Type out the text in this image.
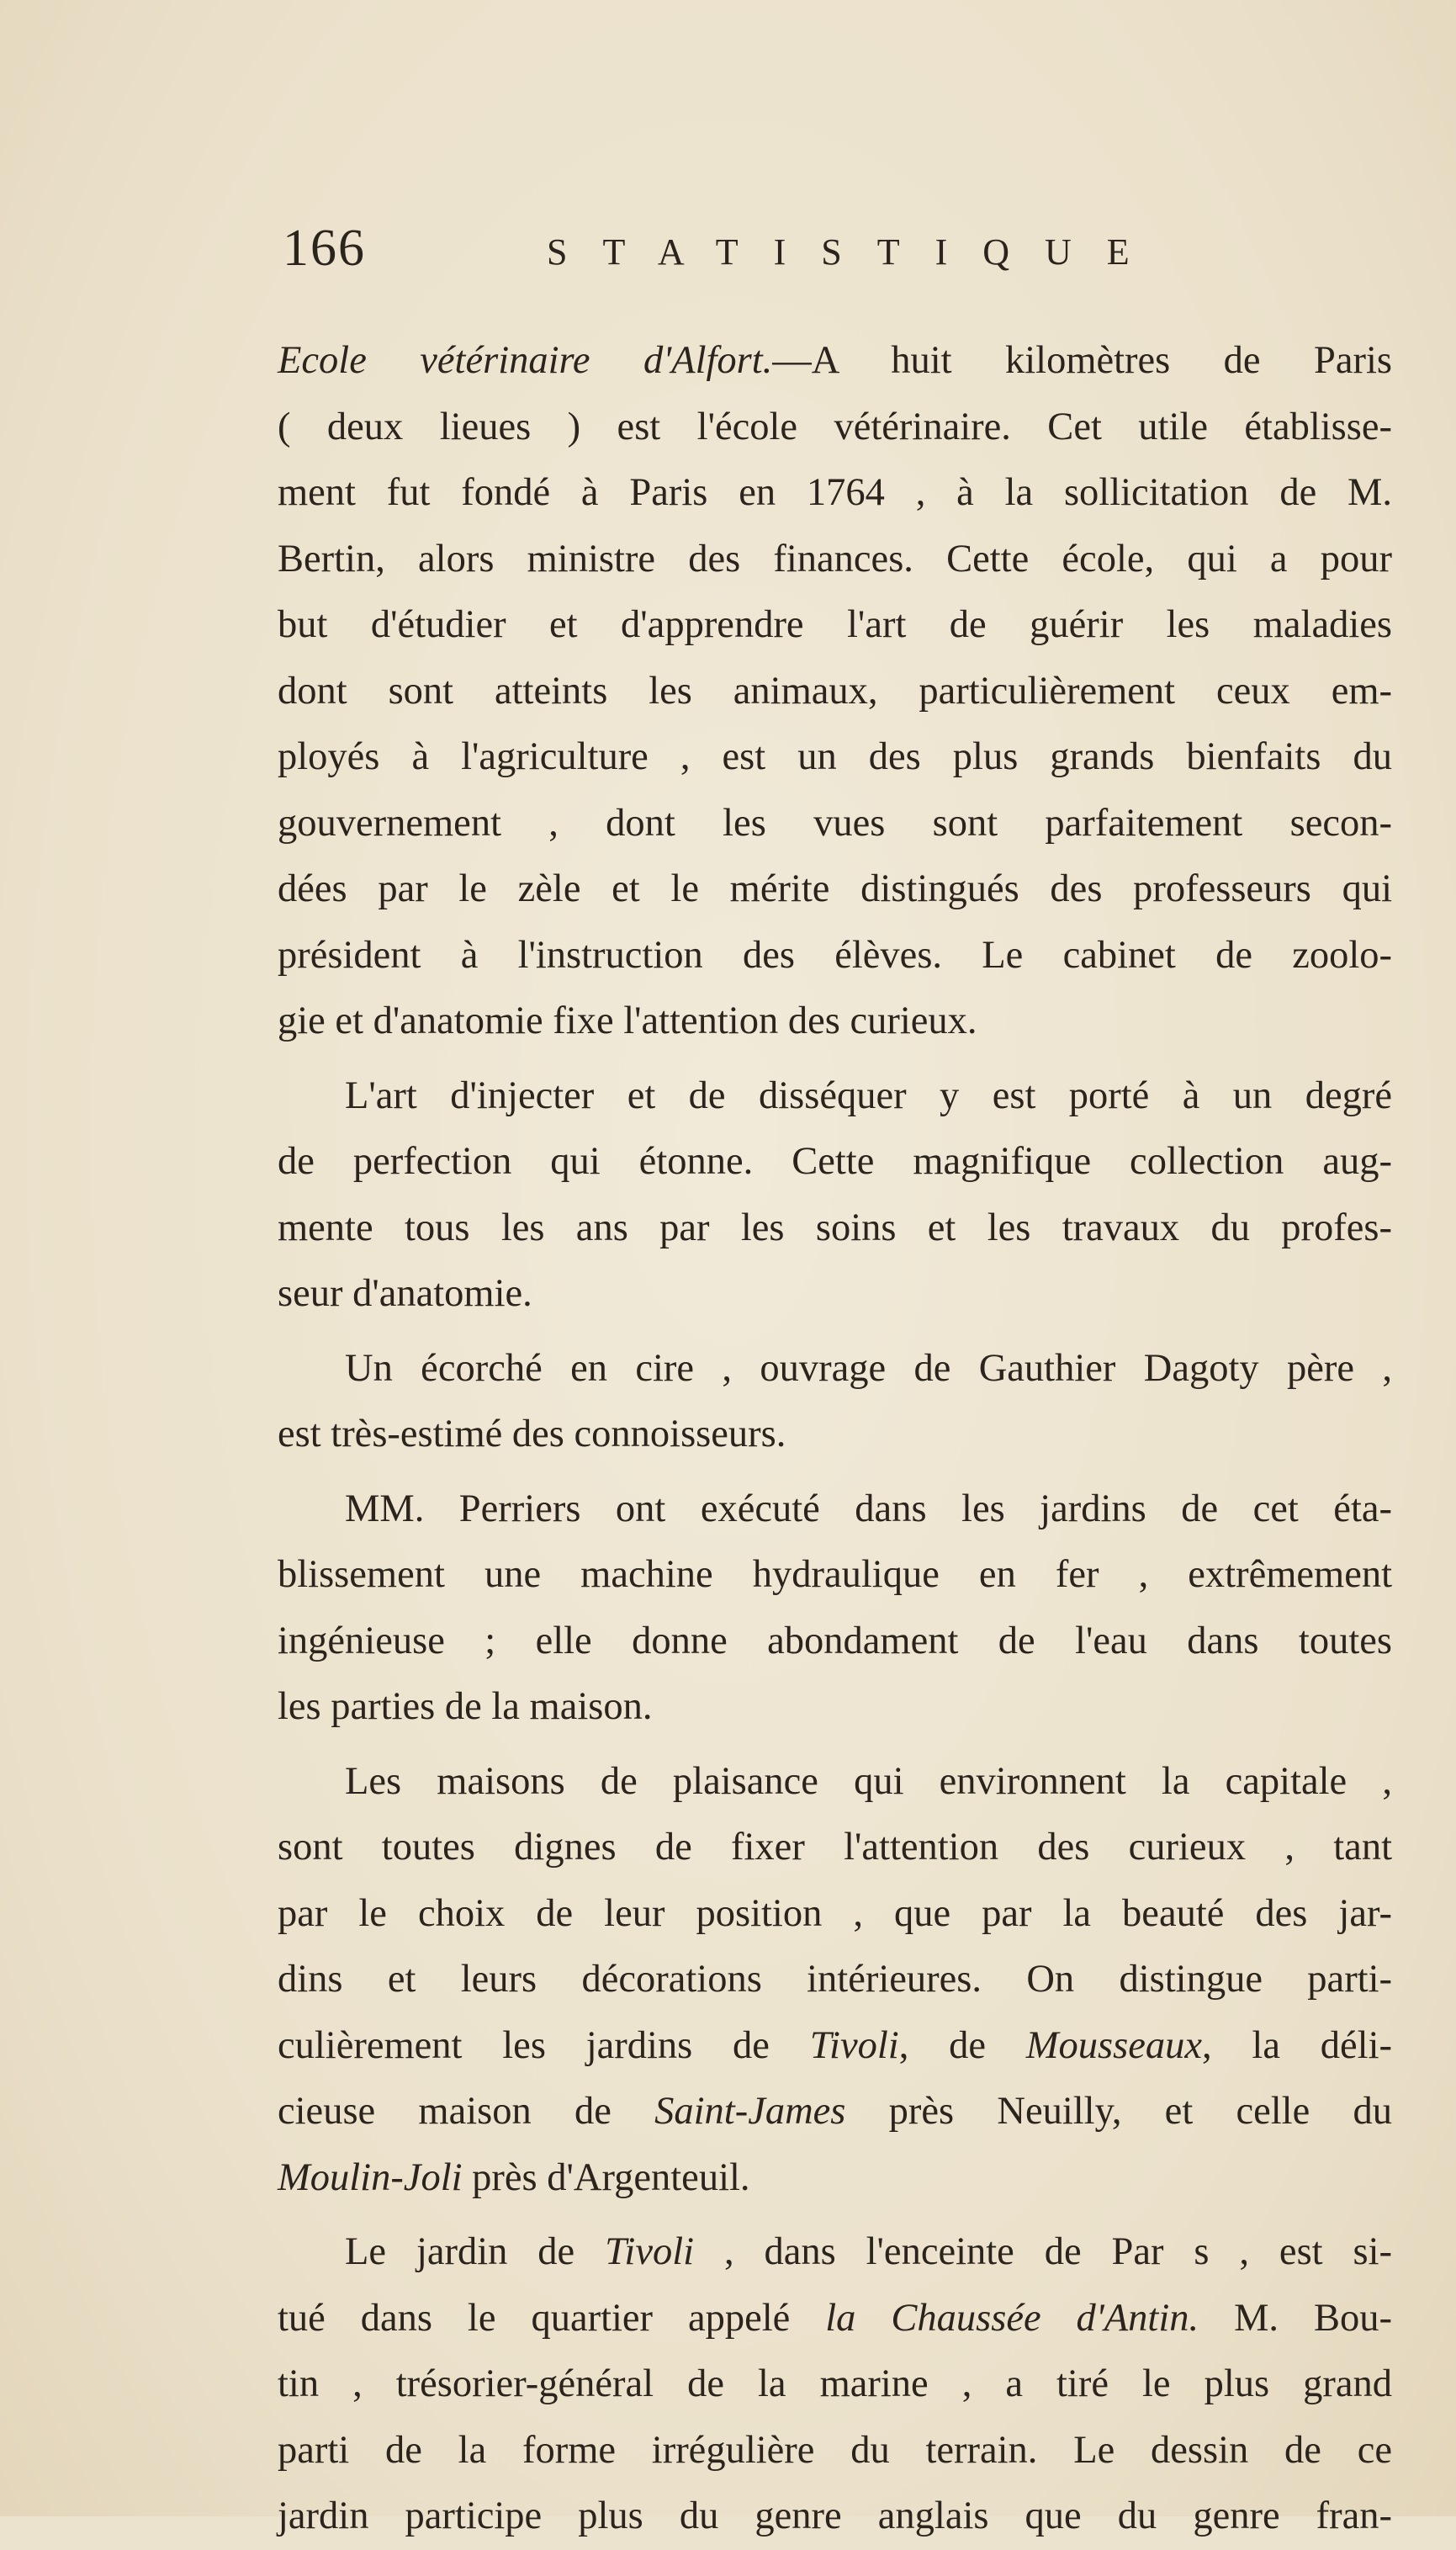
166	STATISTIQUE

Ecole vétérinaire d'Alfort.—A huit kilomètres de Paris
( deux lieues ) est l'école vétérinaire. Cet utile établisse-
ment fut fondé à Paris en 1764 , à la sollicitation de M.
Bertin, alors ministre des finances. Cette école, qui a pour
but d'étudier et d'apprendre l'art de guérir les maladies
dont sont atteints les animaux, particulièrement ceux em-
ployés à l'agriculture , est un des plus grands bienfaits du
gouvernement , dont les vues sont parfaitement secon-
dées par le zèle et le mérite distingués des professeurs qui
président à l'instruction des élèves. Le cabinet de zoolo-
gie et d'anatomie fixe l'attention des curieux.

L'art d'injecter et de disséquer y est porté à un degré
de perfection qui étonne. Cette magnifique collection aug-
mente tous les ans par les soins et les travaux du profes-
seur d'anatomie.

Un écorché en cire , ouvrage de Gauthier Dagoty père ,
est très-estimé des connoisseurs.

MM. Perriers ont exécuté dans les jardins de cet éta-
blissement une machine hydraulique en fer , extrêmement
ingénieuse ; elle donne abondament de l'eau dans toutes
les parties de la maison.

Les maisons de plaisance qui environnent la capitale ,
sont toutes dignes de fixer l'attention des curieux , tant
par le choix de leur position , que par la beauté des jar-
dins et leurs décorations intérieures. On distingue parti-
culièrement les jardins de Tivoli, de Mousseaux, la déli-
cieuse maison de Saint-James près Neuilly, et celle du
Moulin-Joli près d'Argenteuil.

Le jardin de Tivoli , dans l'enceinte de Par s , est si-
tué dans le quartier appelé la Chaussée d'Antin. M. Bou-
tin , trésorier-général de la marine , a tiré le plus grand
parti de la forme irrégulière du terrain. Le dessin de ce
jardin participe plus du genre anglais que du genre fran-
